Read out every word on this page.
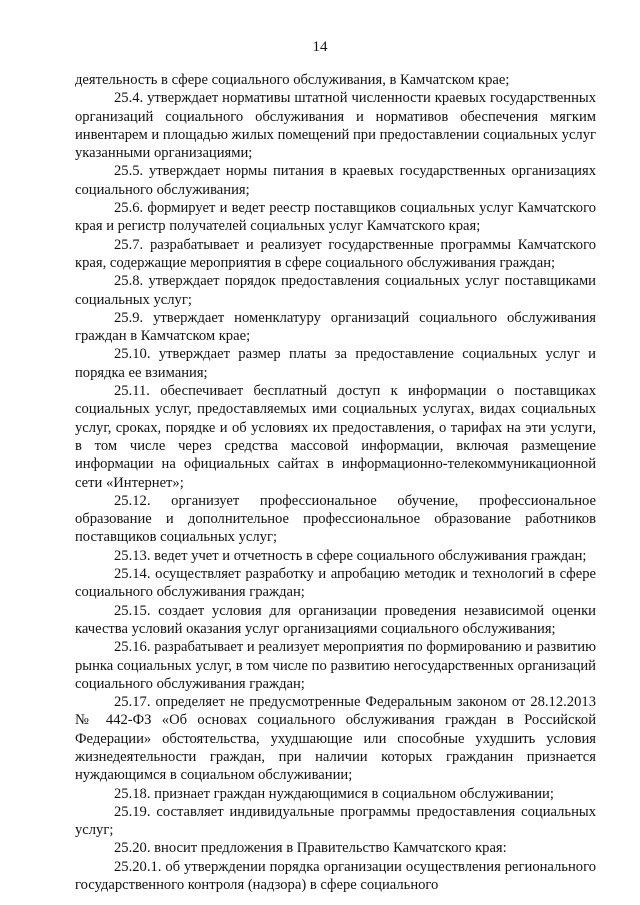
14

деятельность в сфере социального обслуживания, в Камчатском крае;

25.4. утверждает нормативы штатной численности краевых государственных организаций социального обслуживания и нормативов обеспечения мягким инвентарем и площадью жилых помещений при предоставлении социальных услуг указанными организациями;

25.5. утверждает нормы питания в краевых государственных организациях социального обслуживания;

25.6. формирует и ведет реестр поставщиков социальных услуг Камчатского края и регистр получателей социальных услуг Камчатского края;

25.7. разрабатывает и реализует государственные программы Камчатского края, содержащие мероприятия в сфере социального обслуживания граждан;

25.8. утверждает порядок предоставления социальных услуг поставщиками социальных услуг;

25.9. утверждает номенклатуру организаций социального обслуживания граждан в Камчатском крае;

25.10. утверждает размер платы за предоставление социальных услуг и порядка ее взимания;

25.11. обеспечивает бесплатный доступ к информации о поставщиках социальных услуг, предоставляемых ими социальных услугах, видах социальных услуг, сроках, порядке и об условиях их предоставления, о тарифах на эти услуги, в том числе через средства массовой информации, включая размещение информации на официальных сайтах в информационно-телекоммуникационной сети «Интернет»;

25.12. организует профессиональное обучение, профессиональное образование и дополнительное профессиональное образование работников поставщиков социальных услуг;

25.13. ведет учет и отчетность в сфере социального обслуживания граждан;

25.14. осуществляет разработку и апробацию методик и технологий в сфере социального обслуживания граждан;

25.15. создает условия для организации проведения независимой оценки качества условий оказания услуг организациями социального обслуживания;

25.16. разрабатывает и реализует мероприятия по формированию и развитию рынка социальных услуг, в том числе по развитию негосударственных организаций социального обслуживания граждан;

25.17. определяет не предусмотренные Федеральным законом от 28.12.2013 № 442-ФЗ «Об основах социального обслуживания граждан в Российской Федерации» обстоятельства, ухудшающие или способные ухудшить условия жизнедеятельности граждан, при наличии которых гражданин признается нуждающимся в социальном обслуживании;

25.18. признает граждан нуждающимися в социальном обслуживании;

25.19. составляет индивидуальные программы предоставления социальных услуг;

25.20. вносит предложения в Правительство Камчатского края:

25.20.1. об утверждении порядка организации осуществления регионального государственного контроля (надзора) в сфере социального
